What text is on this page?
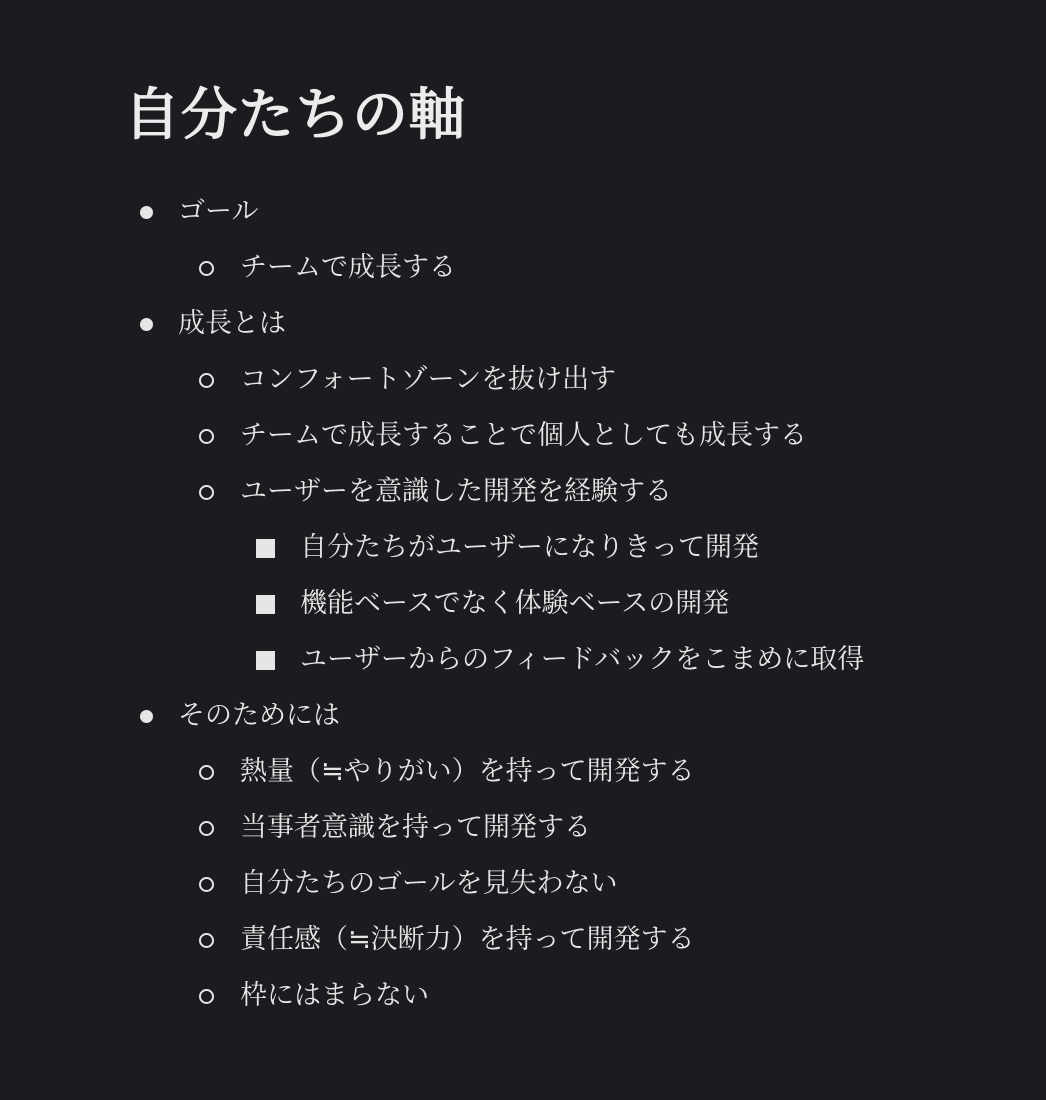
自分たちの軸
ゴール
チームで成長する
成長とは
コンフォートゾーンを抜け出す
チームで成長することで個人としても成長する
ユーザーを意識した開発を経験する
自分たちがユーザーになりきって開発
機能ベースでなく体験ベースの開発
ユーザーからのフィードバックをこまめに取得
そのためには
熱量（≒やりがい）を持って開発する
当事者意識を持って開発する
自分たちのゴールを見失わない
責任感（≒決断力）を持って開発する
枠にはまらない
